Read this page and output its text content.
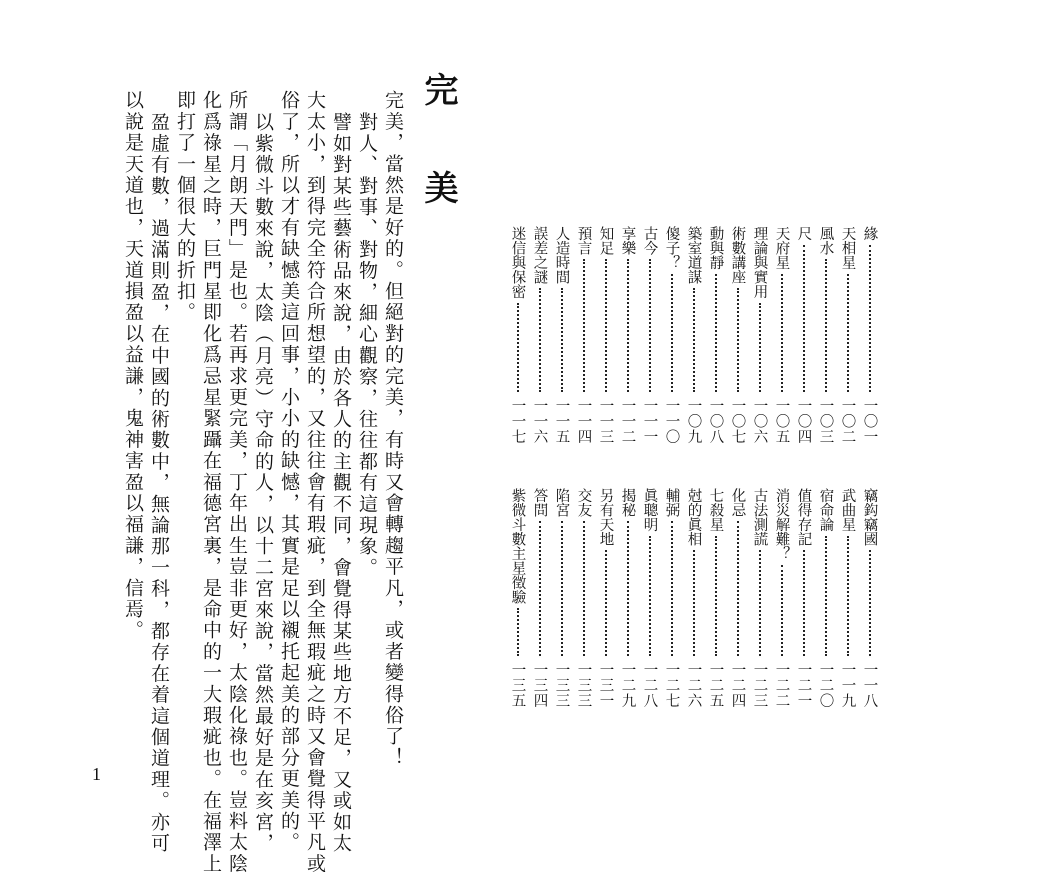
完 美
完美，當然是好的。但絕對的完美，有時又會轉趨平凡，或者變得俗了！
對人、對事、對物，細心觀察，往往都有這現象。
譬如對某些藝術品來說，由於各人的主觀不同，會覺得某些地方不足，又或如太
大太小，到得完全符合所想望的，又往往會有瑕疵，到全無瑕疵之時又會覺得平凡或
俗了，所以才有缺憾美這回事，小小的缺憾，其實是足以襯托起美的部分更美的。
以紫微斗數來說，太陰（月亮）守命的人，以十二宮來說，當然最好是在亥宮，
所謂「月朗天門」是也。若再求更完美，丁年出生豈非更好，太陰化祿也。豈料太陰
化爲祿星之時，巨門星即化爲忌星緊躡在福德宮裏，是命中的一大瑕疵也。在福澤上
即打了一個很大的折扣。
盈虛有數，過滿則盈，在中國的術數中，無論那一科，都存在着這個道理。亦可
以說是天道也，天道損盈以益謙，鬼神害盈以福謙，信焉。	緣
一〇一
天相星
一〇二
風水
一〇三
尺
一〇四
天府星
一〇五
理論與實用
一〇六
術數講座
一〇七
動與靜
一〇八
築室道謀
一〇九
傻子？
一一〇
古今
一一一
享樂
一一二
知足
一一三
預言
一一四
人造時間
一一五
誤差之謎
一一六
迷信與保密
一一七
竊鈎竊國
一一八
武曲星
一一九
宿命論
一二〇
值得存記
一二一
消災解難？
一二二
古法測謊
一二三
化忌
一二四
七殺星
一二五
尅的眞相
一二六
輔弼
一二七
眞聰明
一二八
揭秘
一二九
另有天地
一三一
交友
一三三
陷宮
一三三
答問
一三四
紫微斗數主星徵驗
一三五
1
